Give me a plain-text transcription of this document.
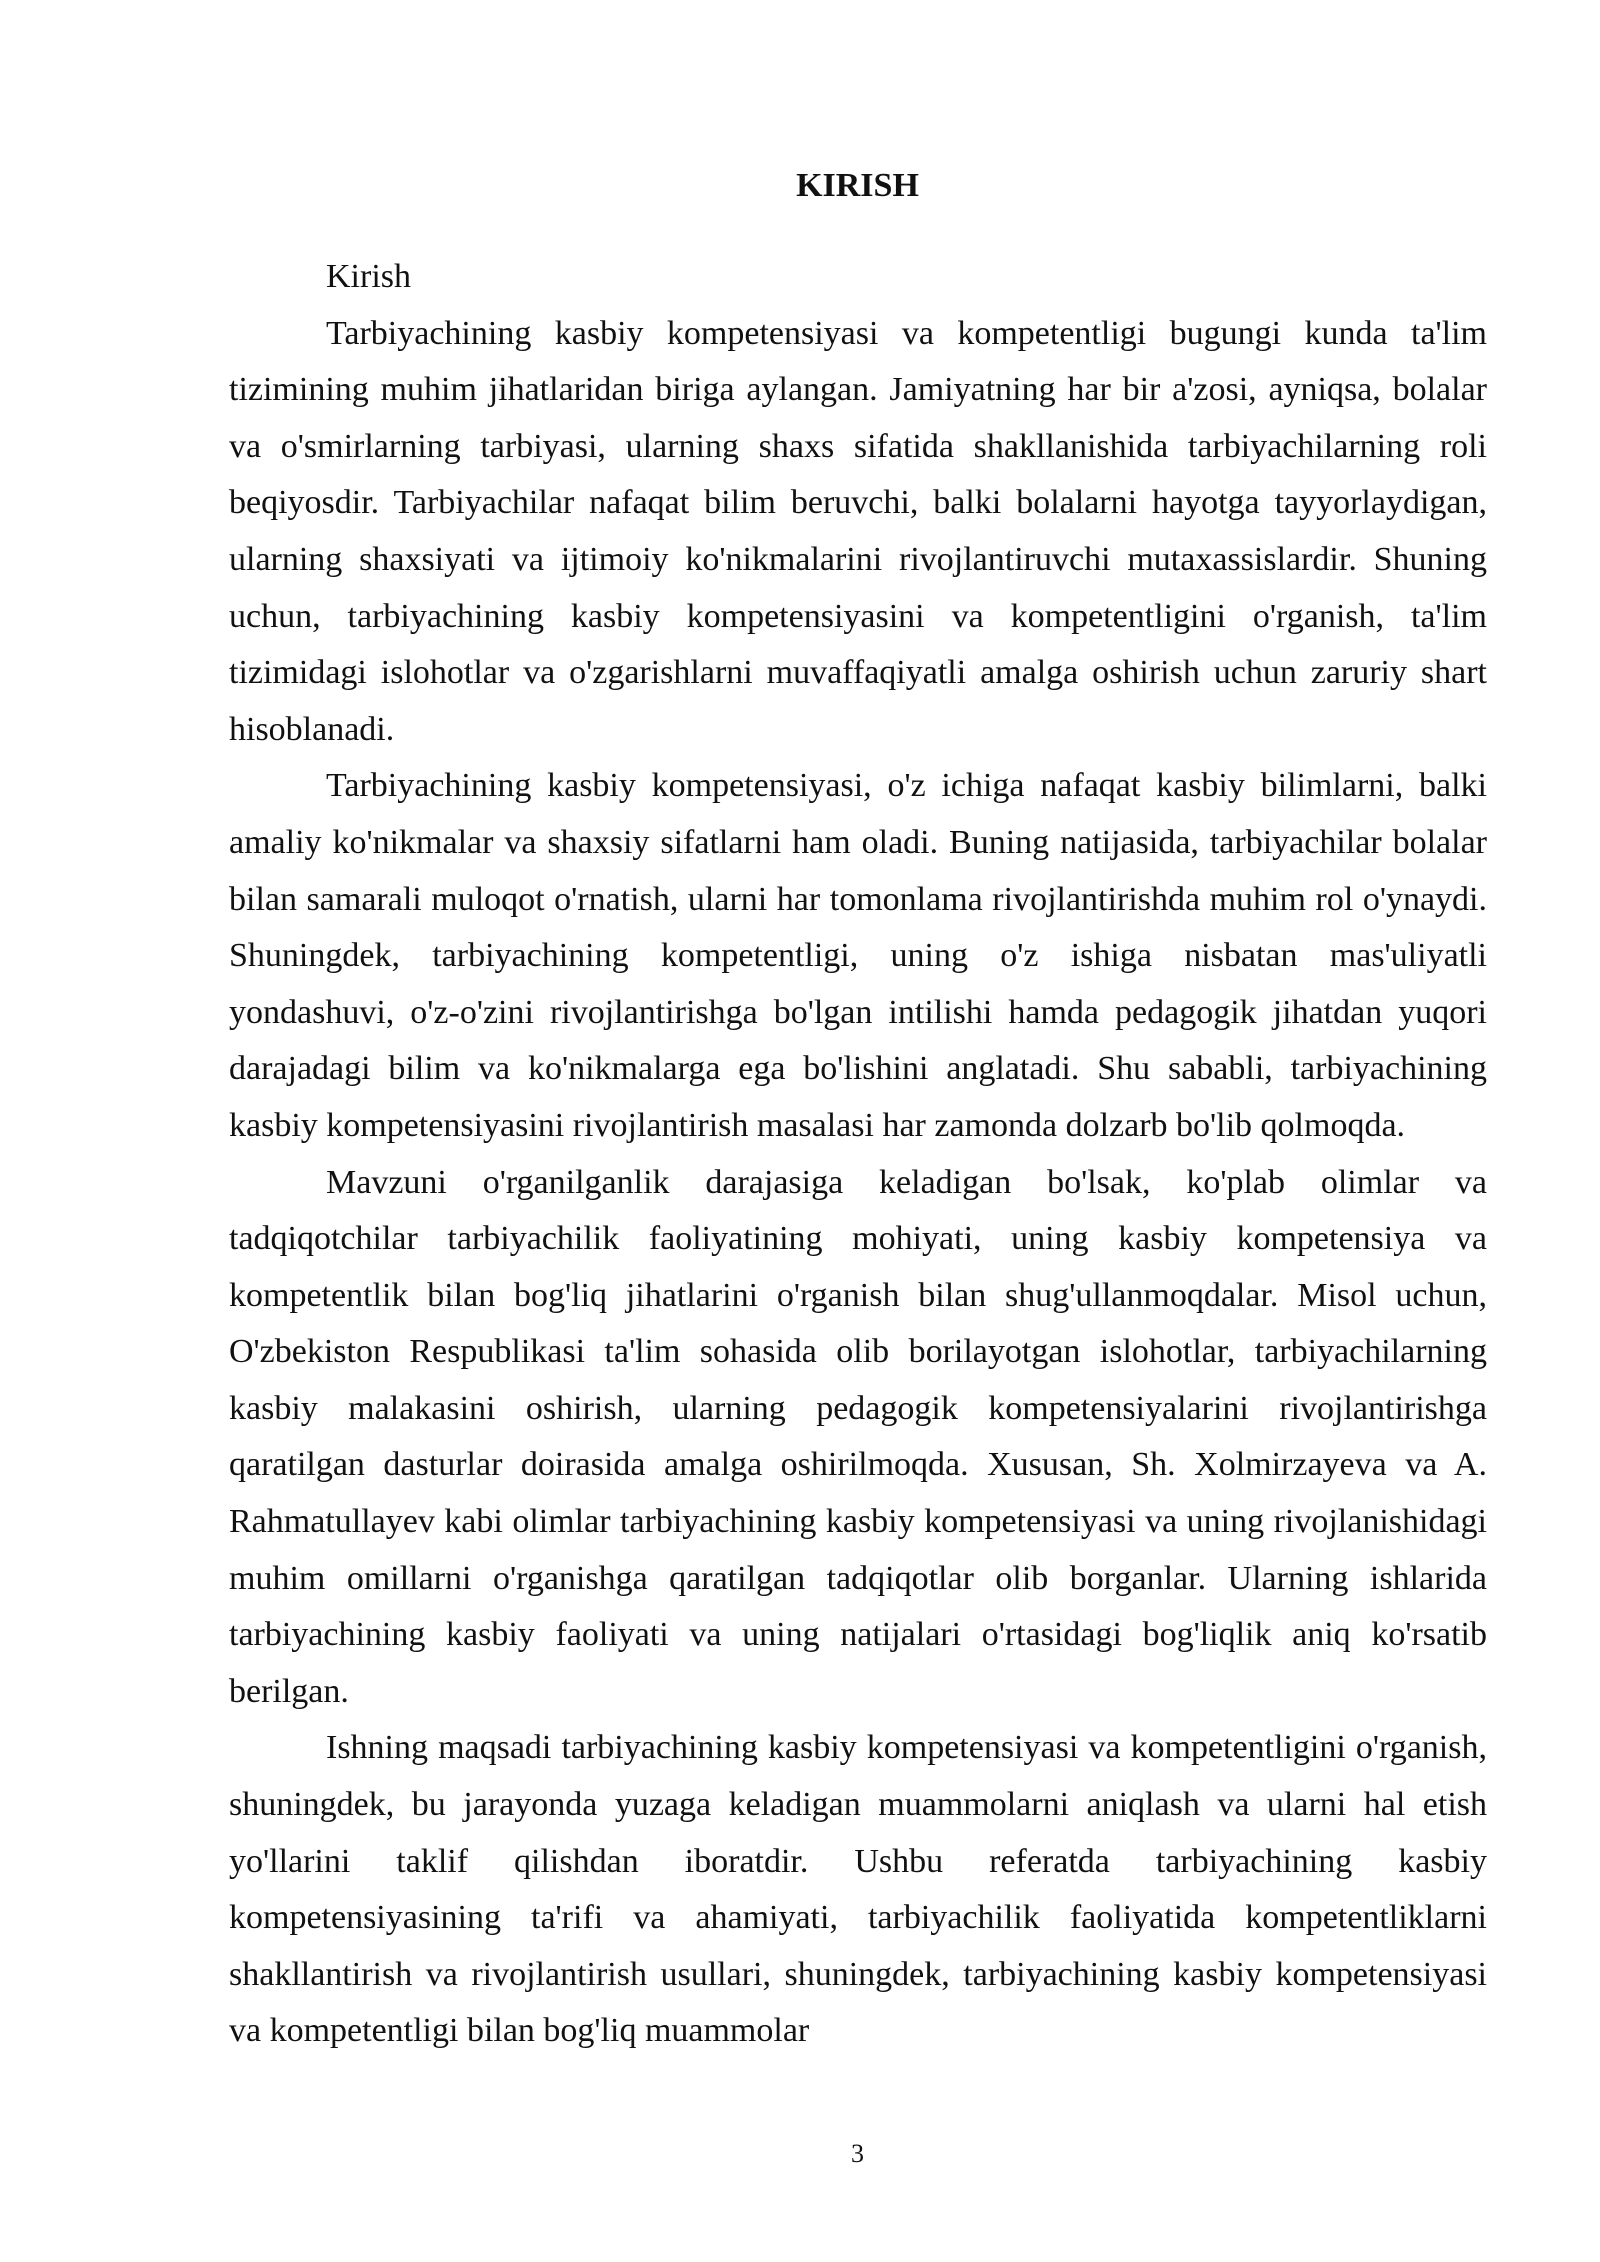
KIRISH

Kirish

Tarbiyachining kasbiy kompetensiyasi va kompetentligi bugungi kunda ta'lim tizimining muhim jihatlaridan biriga aylangan. Jamiyatning har bir a'zosi, ayniqsa, bolalar va o'smirlarning tarbiyasi, ularning shaxs sifatida shakllanishida tarbiyachilarning roli beqiyosdir. Tarbiyachilar nafaqat bilim beruvchi, balki bolalarni hayotga tayyorlaydigan, ularning shaxsiyati va ijtimoiy ko'nikmalarini rivojlantiruvchi mutaxassislardir. Shuning uchun, tarbiyachining kasbiy kompetensiyasini va kompetentligini o'rganish, ta'lim tizimidagi islohotlar va o'zgarishlarni muvaffaqiyatli amalga oshirish uchun zaruriy shart hisoblanadi.

Tarbiyachining kasbiy kompetensiyasi, o'z ichiga nafaqat kasbiy bilimlarni, balki amaliy ko'nikmalar va shaxsiy sifatlarni ham oladi. Buning natijasida, tarbiyachilar bolalar bilan samarali muloqot o'rnatish, ularni har tomonlama rivojlantirishda muhim rol o'ynaydi. Shuningdek, tarbiyachining kompetentligi, uning o'z ishiga nisbatan mas'uliyatli yondashuvi, o'z-o'zini rivojlantirishga bo'lgan intilishi hamda pedagogik jihatdan yuqori darajadagi bilim va ko'nikmalarga ega bo'lishini anglatadi. Shu sababli, tarbiyachining kasbiy kompetensiyasini rivojlantirish masalasi har zamonda dolzarb bo'lib qolmoqda.

Mavzuni o'rganilganlik darajasiga keladigan bo'lsak, ko'plab olimlar va tadqiqotchilar tarbiyachilik faoliyatining mohiyati, uning kasbiy kompetensiya va kompetentlik bilan bog'liq jihatlarini o'rganish bilan shug'ullanmoqdalar. Misol uchun, O'zbekiston Respublikasi ta'lim sohasida olib borilayotgan islohotlar, tarbiyachilarning kasbiy malakasini oshirish, ularning pedagogik kompetensiyalarini rivojlantirishga qaratilgan dasturlar doirasida amalga oshirilmoqda. Xususan, Sh. Xolmirzayeva va A. Rahmatullayev kabi olimlar tarbiyachining kasbiy kompetensiyasi va uning rivojlanishidagi muhim omillarni o'rganishga qaratilgan tadqiqotlar olib borganlar. Ularning ishlarida tarbiyachining kasbiy faoliyati va uning natijalari o'rtasidagi bog'liqlik aniq ko'rsatib berilgan.

Ishning maqsadi tarbiyachining kasbiy kompetensiyasi va kompetentligini o'rganish, shuningdek, bu jarayonda yuzaga keladigan muammolarni aniqlash va ularni hal etish yo'llarini taklif qilishdan iboratdir. Ushbu referatda tarbiyachining kasbiy kompetensiyasining ta'rifi va ahamiyati, tarbiyachilik faoliyatida kompetentliklarni shakllantirish va rivojlantirish usullari, shuningdek, tarbiyachining kasbiy kompetensiyasi va kompetentligi bilan bog'liq muammolar

3
